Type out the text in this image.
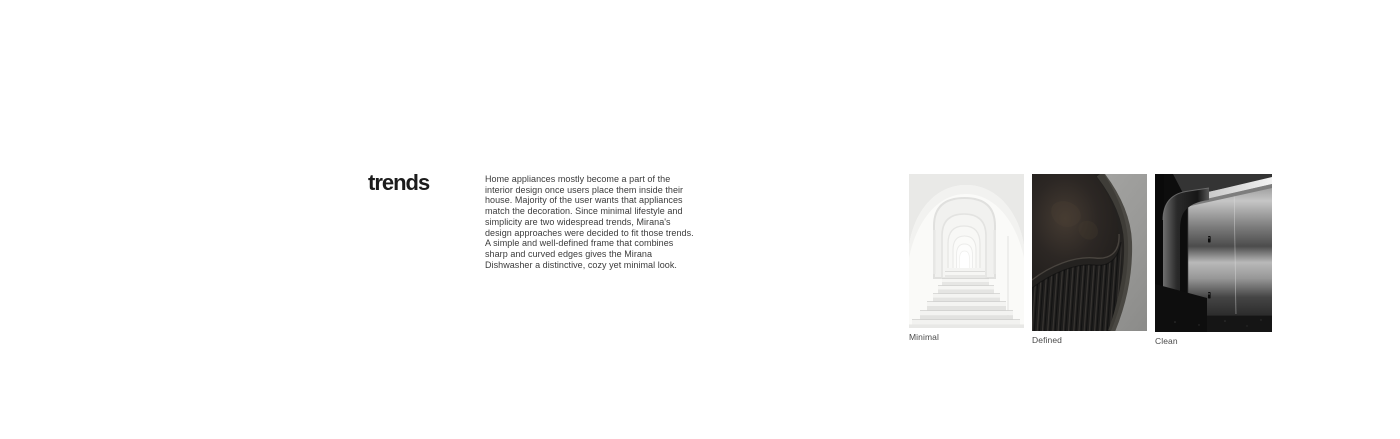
trends	Home appliances mostly become a part of the
interior design once users place them inside their
house. Majority of the user wants that appliances
match the decoration. Since minimal lifestyle and
simplicity are two widespread trends, Mirana's
design approaches were decided to fit those trends.
A simple and well-defined frame that combines
sharp and curved edges gives the Mirana
Dishwasher a distinctive, cozy yet minimal look.
Minimal	Defined	Clean
